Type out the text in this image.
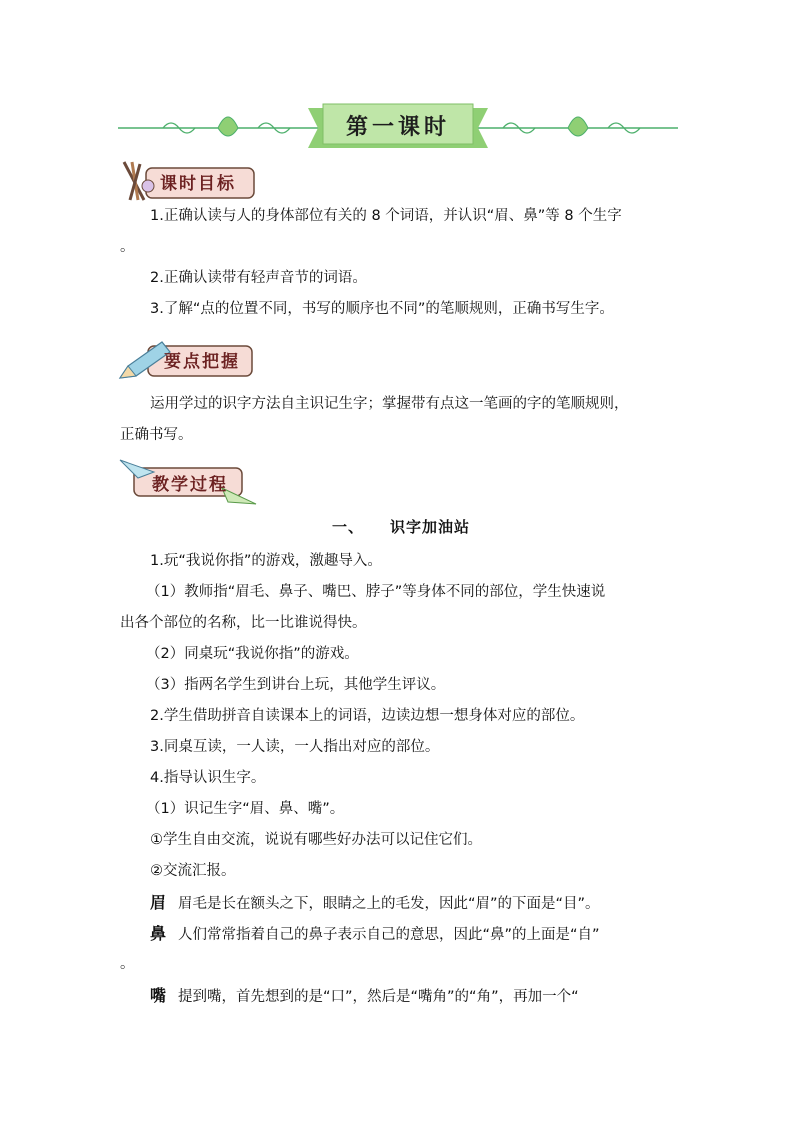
第一课时
课时目标
1.正确认读与人的身体部位有关的 8 个词语，并认识“眉、鼻”等 8 个生字
。
2.正确认读带有轻声音节的词语。
3.了解“点的位置不同，书写的顺序也不同”的笔顺规则，正确书写生字。
要点把握
运用学过的识字方法自主识记生字；掌握带有点这一笔画的字的笔顺规则，
正确书写。
教学过程
一、 识字加油站
1.玩“我说你指”的游戏，激趣导入。
（1）教师指“眉毛、鼻子、嘴巴、脖子”等身体不同的部位，学生快速说
出各个部位的名称，比一比谁说得快。
（2）同桌玩“我说你指”的游戏。
（3）指两名学生到讲台上玩，其他学生评议。
2.学生借助拼音自读课本上的词语，边读边想一想身体对应的部位。
3.同桌互读，一人读，一人指出对应的部位。
4.指导认识生字。
（1）识记生字“眉、鼻、嘴”。
①学生自由交流，说说有哪些好办法可以记住它们。
②交流汇报。
眉 眉毛是长在额头之下，眼睛之上的毛发，因此“眉”的下面是“目”。
鼻 人们常常指着自己的鼻子表示自己的意思，因此“鼻”的上面是“自”
。
嘴 提到嘴，首先想到的是“口”，然后是“嘴角”的“角”，再加一个“
